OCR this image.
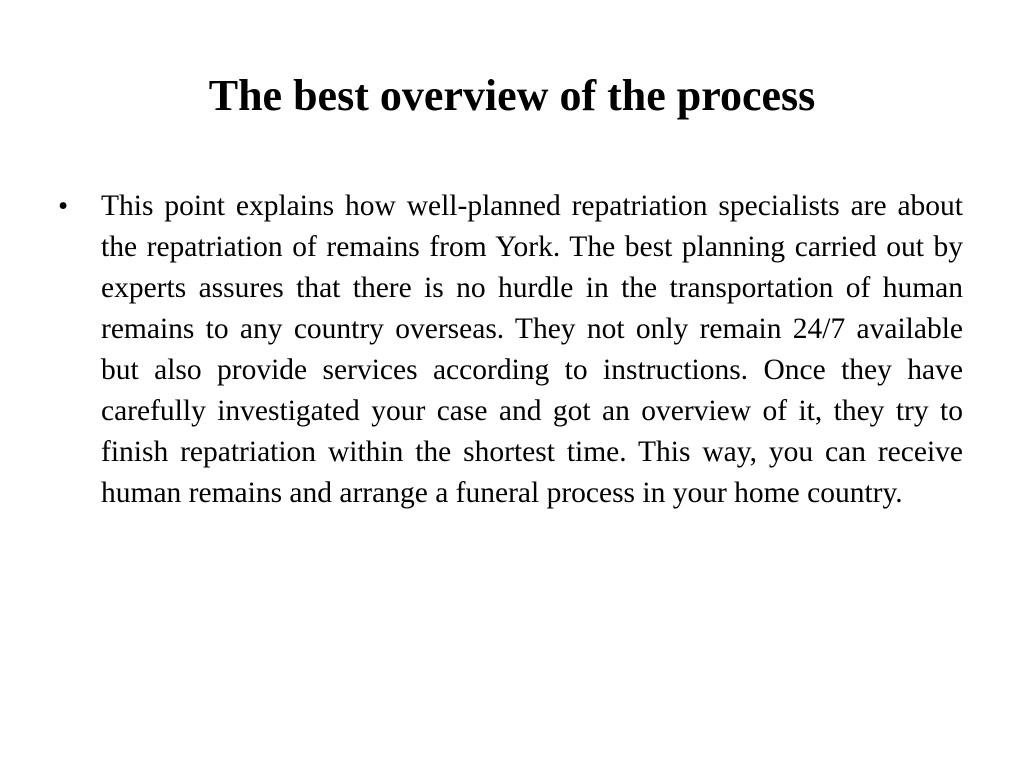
The best overview of the process
• This point explains how well-planned repatriation specialists are about the repatriation of remains from York. The best planning carried out by experts assures that there is no hurdle in the transportation of human remains to any country overseas. They not only remain 24/7 available but also provide services according to instructions. Once they have carefully investigated your case and got an overview of it, they try to finish repatriation within the shortest time. This way, you can receive human remains and arrange a funeral process in your home country.
